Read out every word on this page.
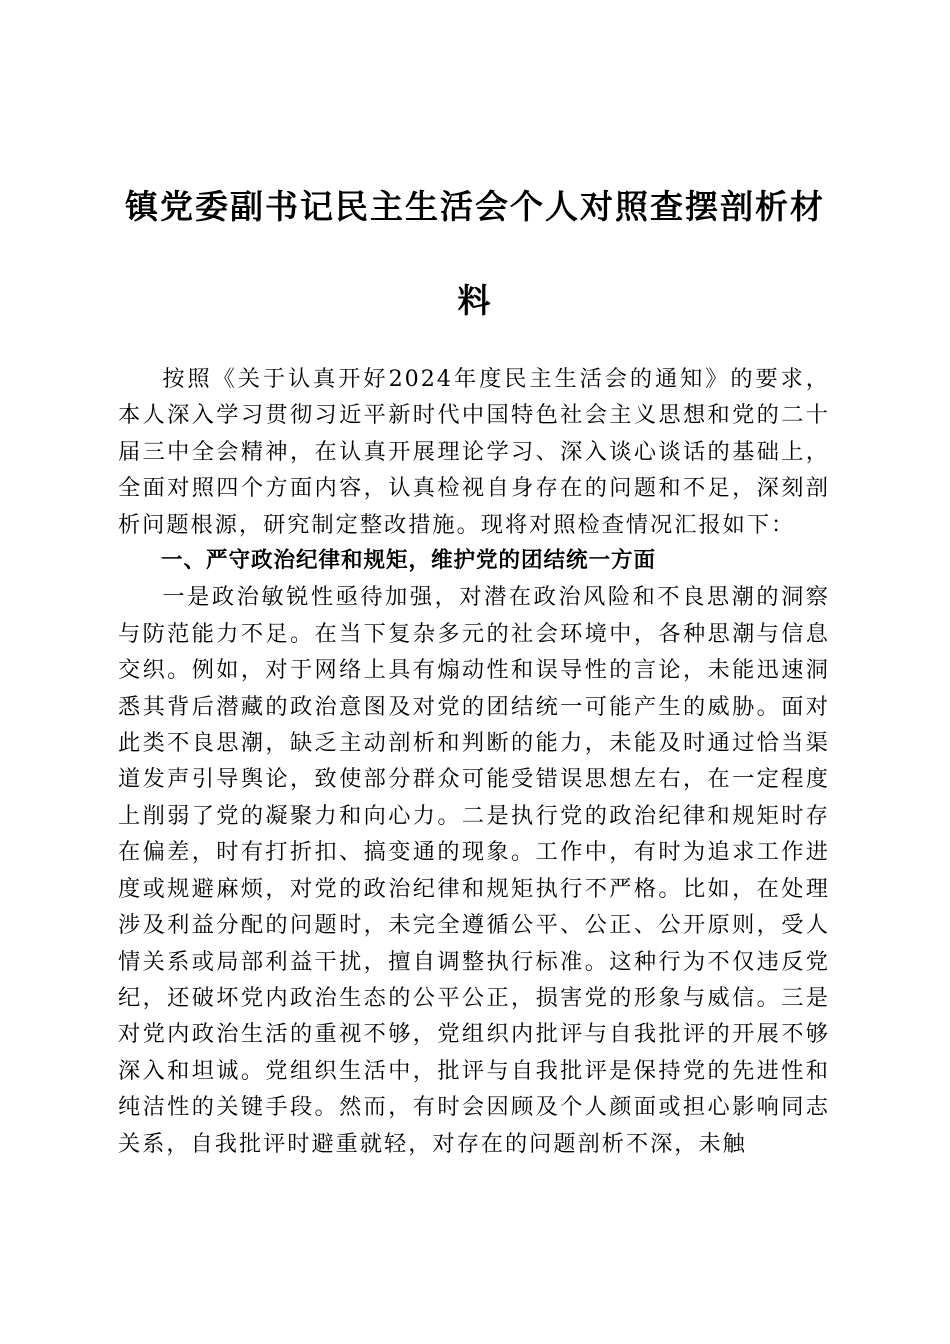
镇党委副书记民主生活会个人对照查摆剖析材料

按照《关于认真开好2024年度民主生活会的通知》的要求，本人深入学习贯彻习近平新时代中国特色社会主义思想和党的二十届三中全会精神，在认真开展理论学习、深入谈心谈话的基础上，全面对照四个方面内容，认真检视自身存在的问题和不足，深刻剖析问题根源，研究制定整改措施。现将对照检查情况汇报如下：

一、严守政治纪律和规矩，维护党的团结统一方面

一是政治敏锐性亟待加强，对潜在政治风险和不良思潮的洞察与防范能力不足。在当下复杂多元的社会环境中，各种思潮与信息交织。例如，对于网络上具有煽动性和误导性的言论，未能迅速洞悉其背后潜藏的政治意图及对党的团结统一可能产生的威胁。面对此类不良思潮，缺乏主动剖析和判断的能力，未能及时通过恰当渠道发声引导舆论，致使部分群众可能受错误思想左右，在一定程度上削弱了党的凝聚力和向心力。二是执行党的政治纪律和规矩时存在偏差，时有打折扣、搞变通的现象。工作中，有时为追求工作进度或规避麻烦，对党的政治纪律和规矩执行不严格。比如，在处理涉及利益分配的问题时，未完全遵循公平、公正、公开原则，受人情关系或局部利益干扰，擅自调整执行标准。这种行为不仅违反党纪，还破坏党内政治生态的公平公正，损害党的形象与威信。三是对党内政治生活的重视不够，党组织内批评与自我批评的开展不够深入和坦诚。党组织生活中，批评与自我批评是保持党的先进性和纯洁性的关键手段。然而，有时会因顾及个人颜面或担心影响同志关系，自我批评时避重就轻，对存在的问题剖析不深，未触
